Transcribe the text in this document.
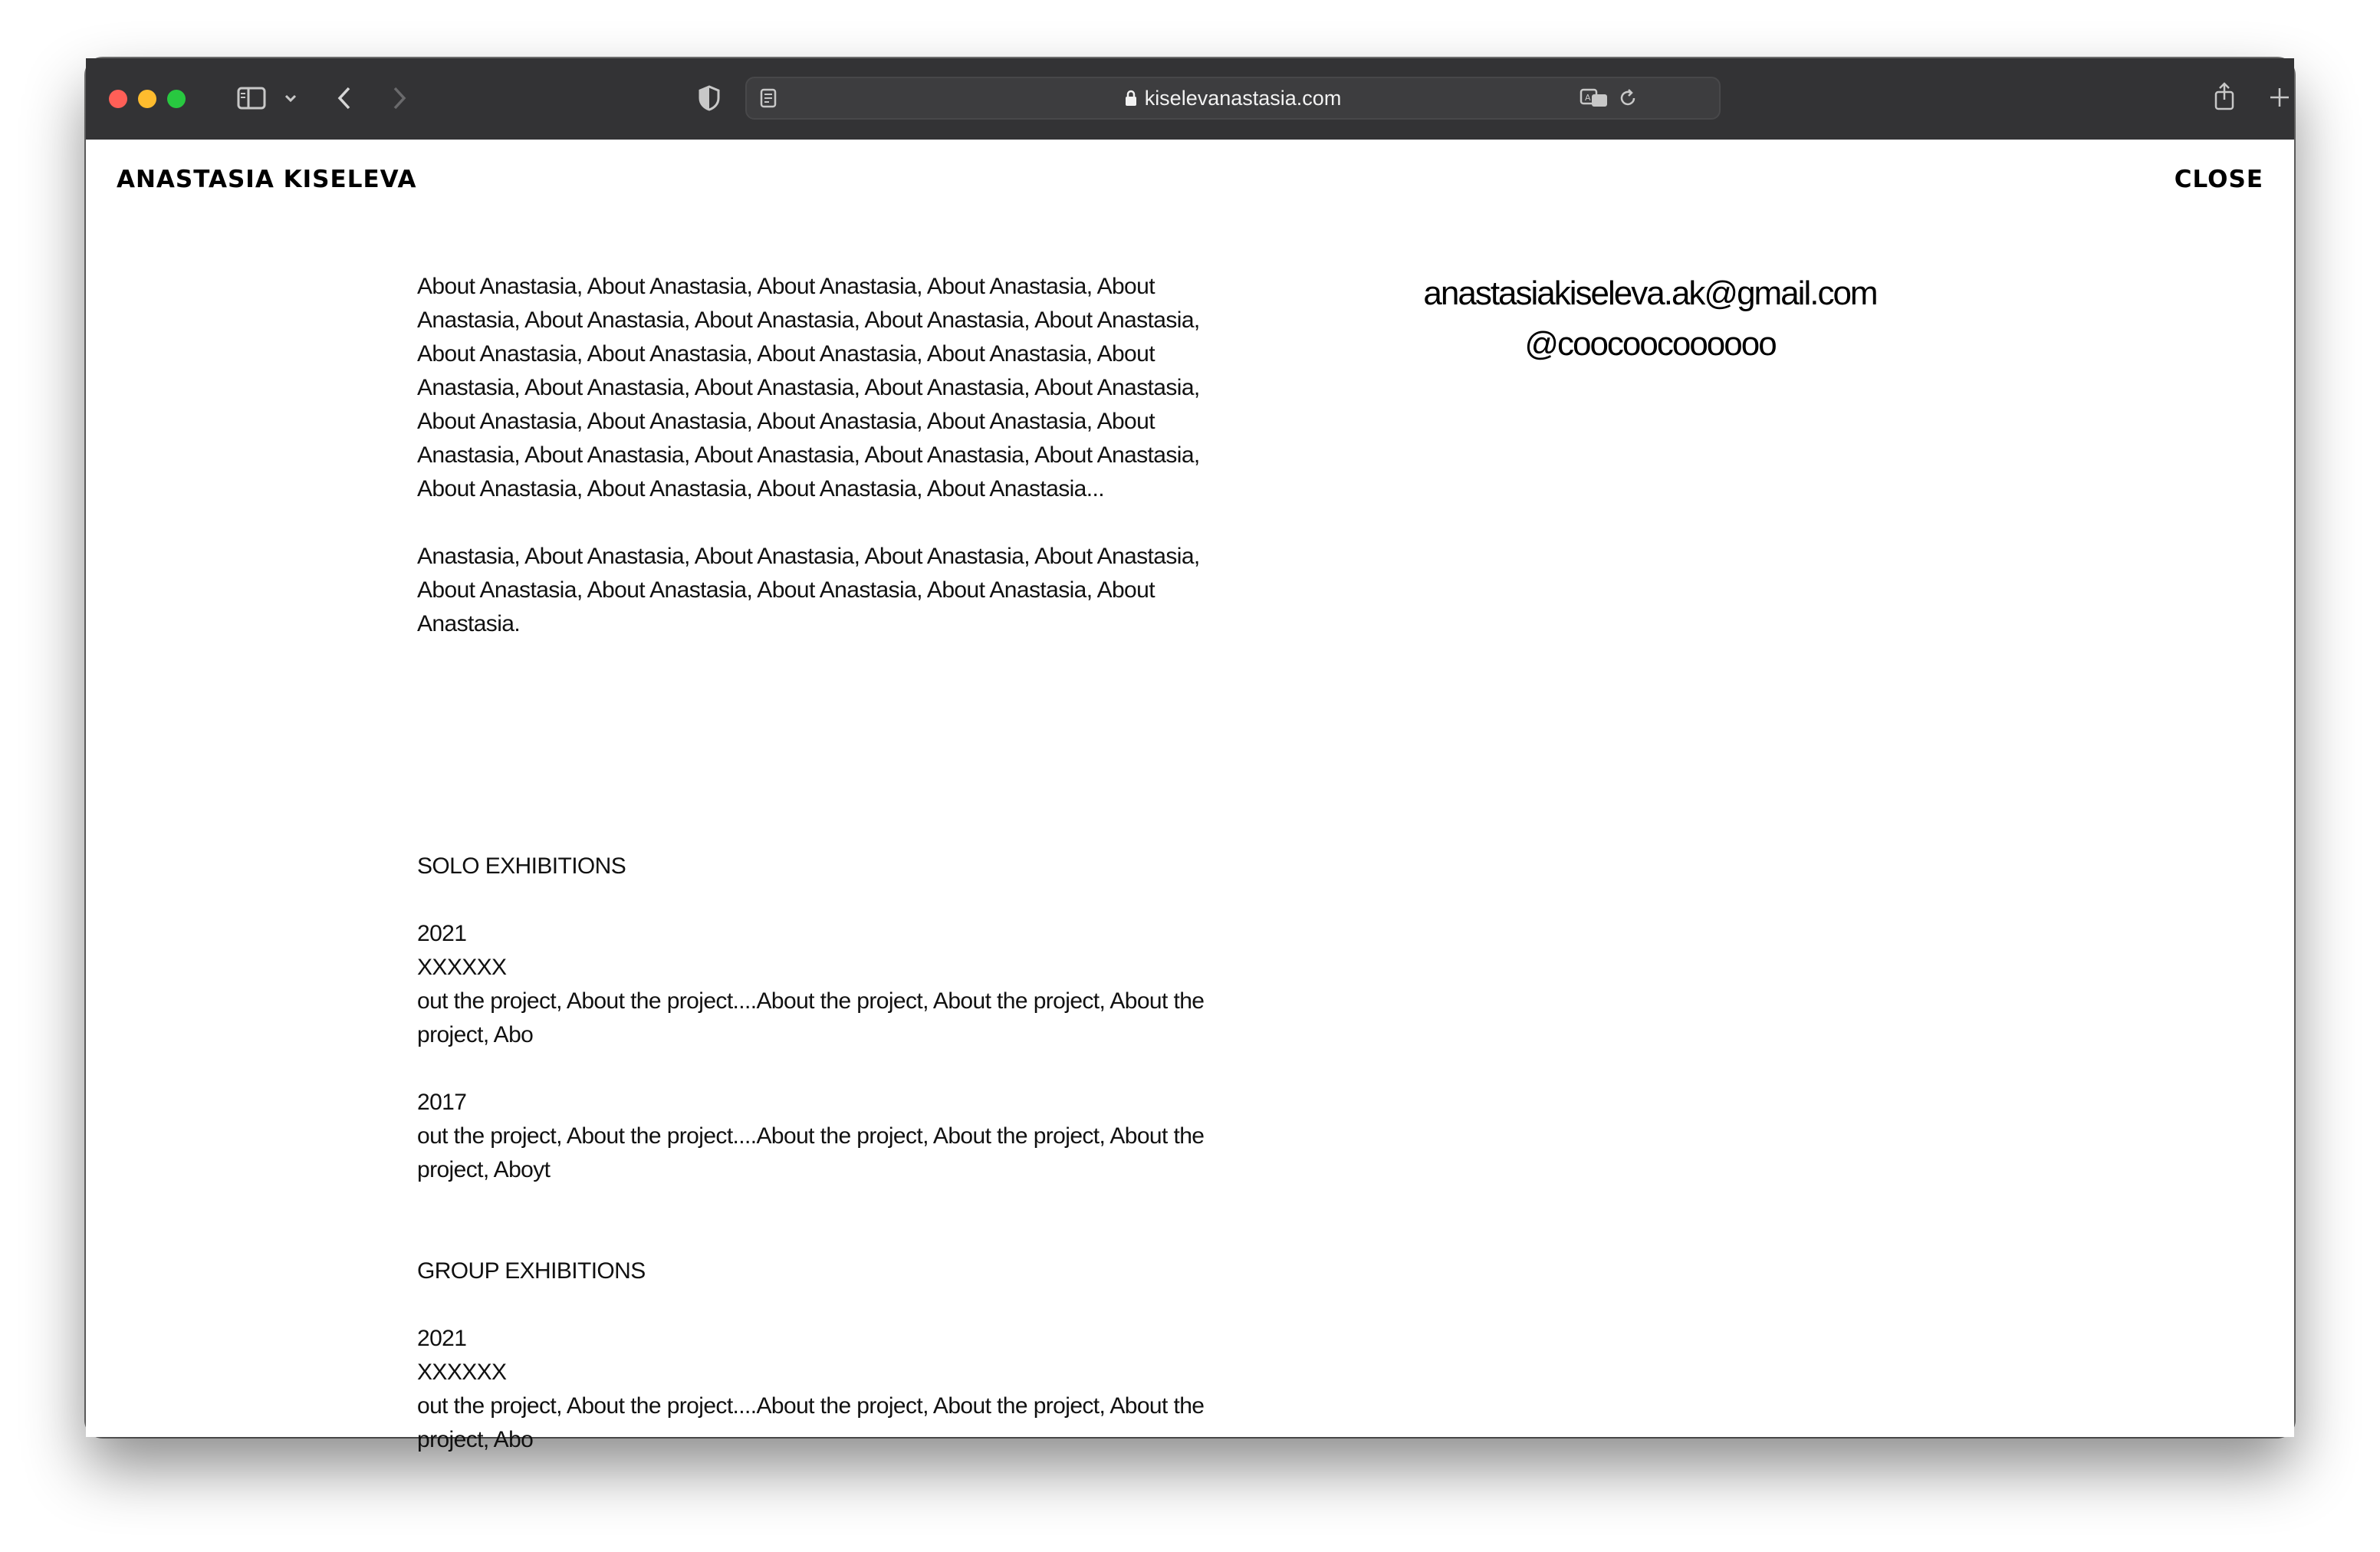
kiselevanastasia.com	A
ANASTASIA KISELEVA	CLOSE

About Anastasia, About Anastasia, About Anastasia, About Anastasia, About

Anastasia, About Anastasia, About Anastasia, About Anastasia, About Anastasia,

About Anastasia, About Anastasia, About Anastasia, About Anastasia, About

Anastasia, About Anastasia, About Anastasia, About Anastasia, About Anastasia,

About Anastasia, About Anastasia, About Anastasia, About Anastasia, About

Anastasia, About Anastasia, About Anastasia, About Anastasia, About Anastasia,

About Anastasia, About Anastasia, About Anastasia, About Anastasia...

Anastasia, About Anastasia, About Anastasia, About Anastasia, About Anastasia,

About Anastasia, About Anastasia, About Anastasia, About Anastasia, About

Anastasia.

SOLO EXHIBITIONS

2021

XXXXXX

out the project, About the project....About the project, About the project, About the

project, Abo

2017

out the project, About the project....About the project, About the project, About the

project, Aboyt

GROUP EXHIBITIONS

2021

XXXXXX

out the project, About the project....About the project, About the project, About the

project, Abo

anastasiakiseleva.ak@gmail.com
@coocoocoooooo
